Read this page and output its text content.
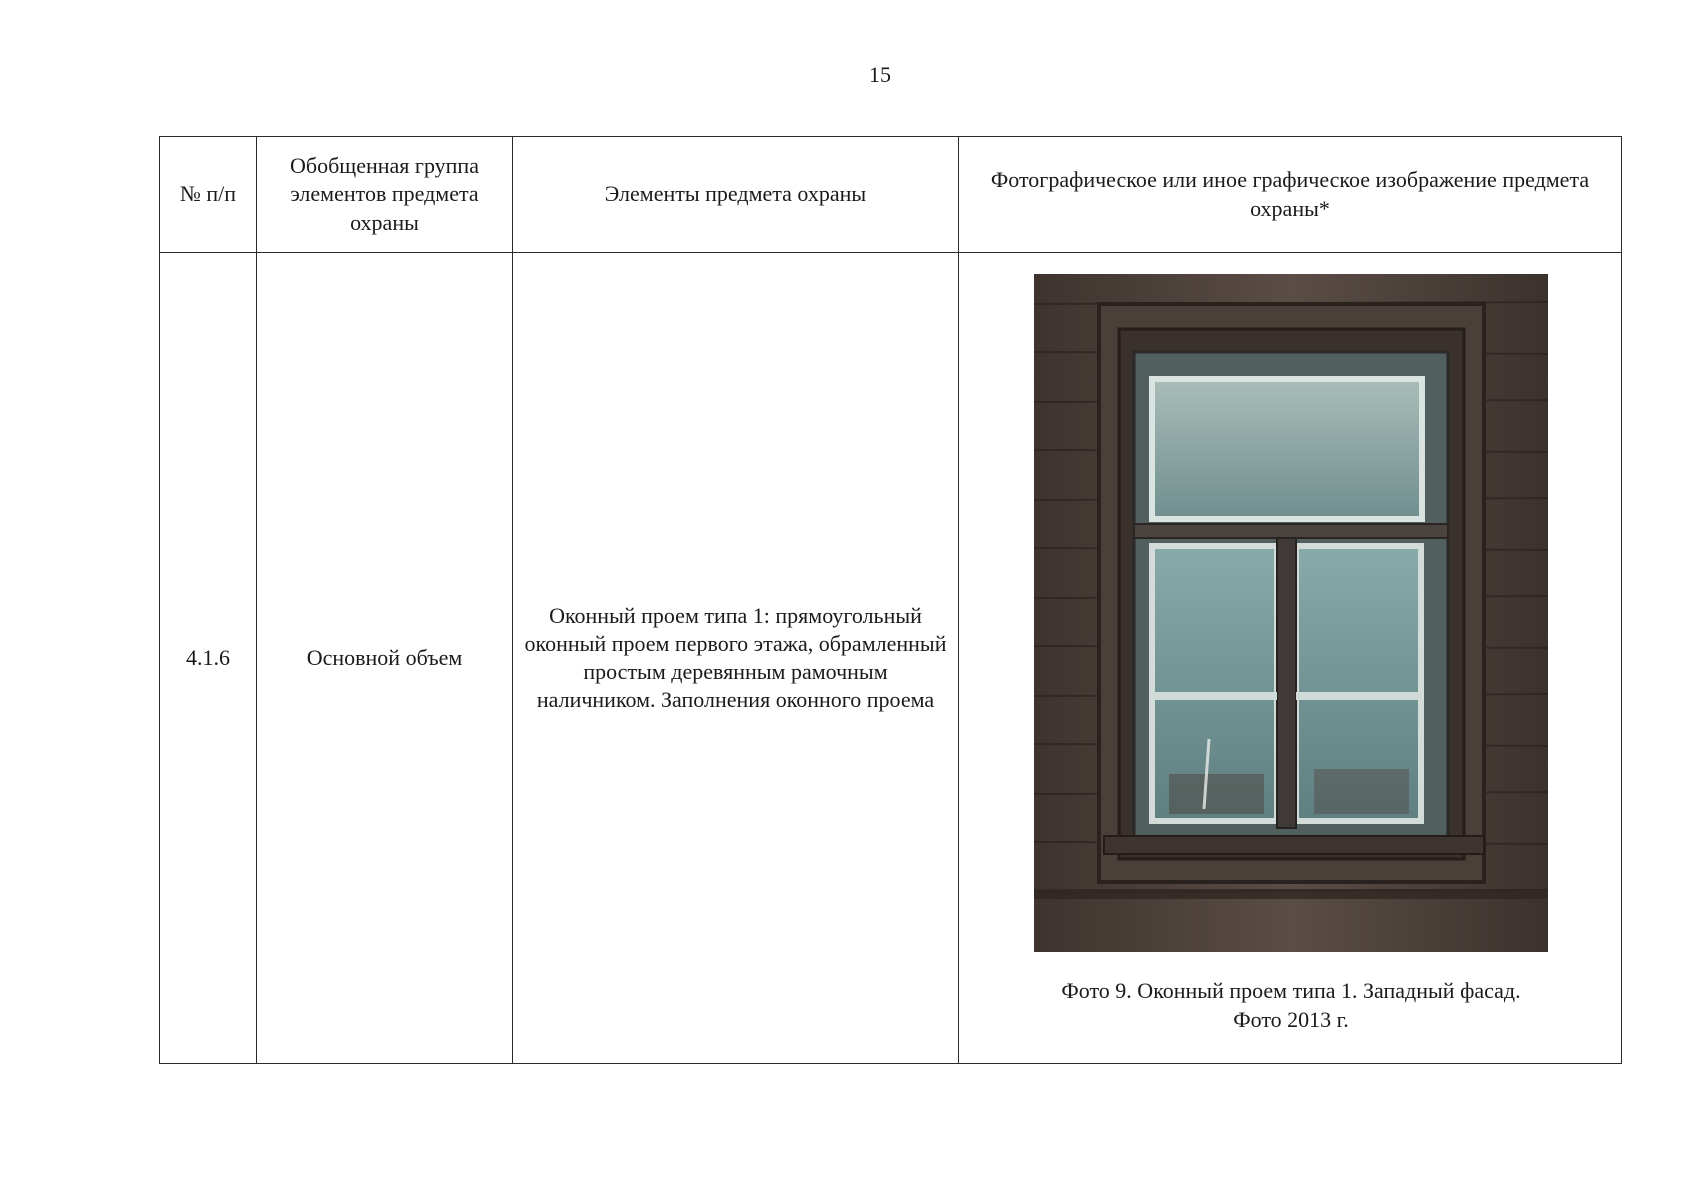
15
№ п/п	Обобщенная группа элементов предмета охраны	Элементы предмета охраны	Фотографическое или иное графическое изображение предмета охраны*
4.1.6	Основной объем	Оконный проем типа 1: прямоугольный оконный проем первого этажа, обрамленный простым деревянным рамочным наличником. Заполнения оконного проема	Фото 9. Оконный проем типа 1. Западный фасад.
Фото 2013 г.
